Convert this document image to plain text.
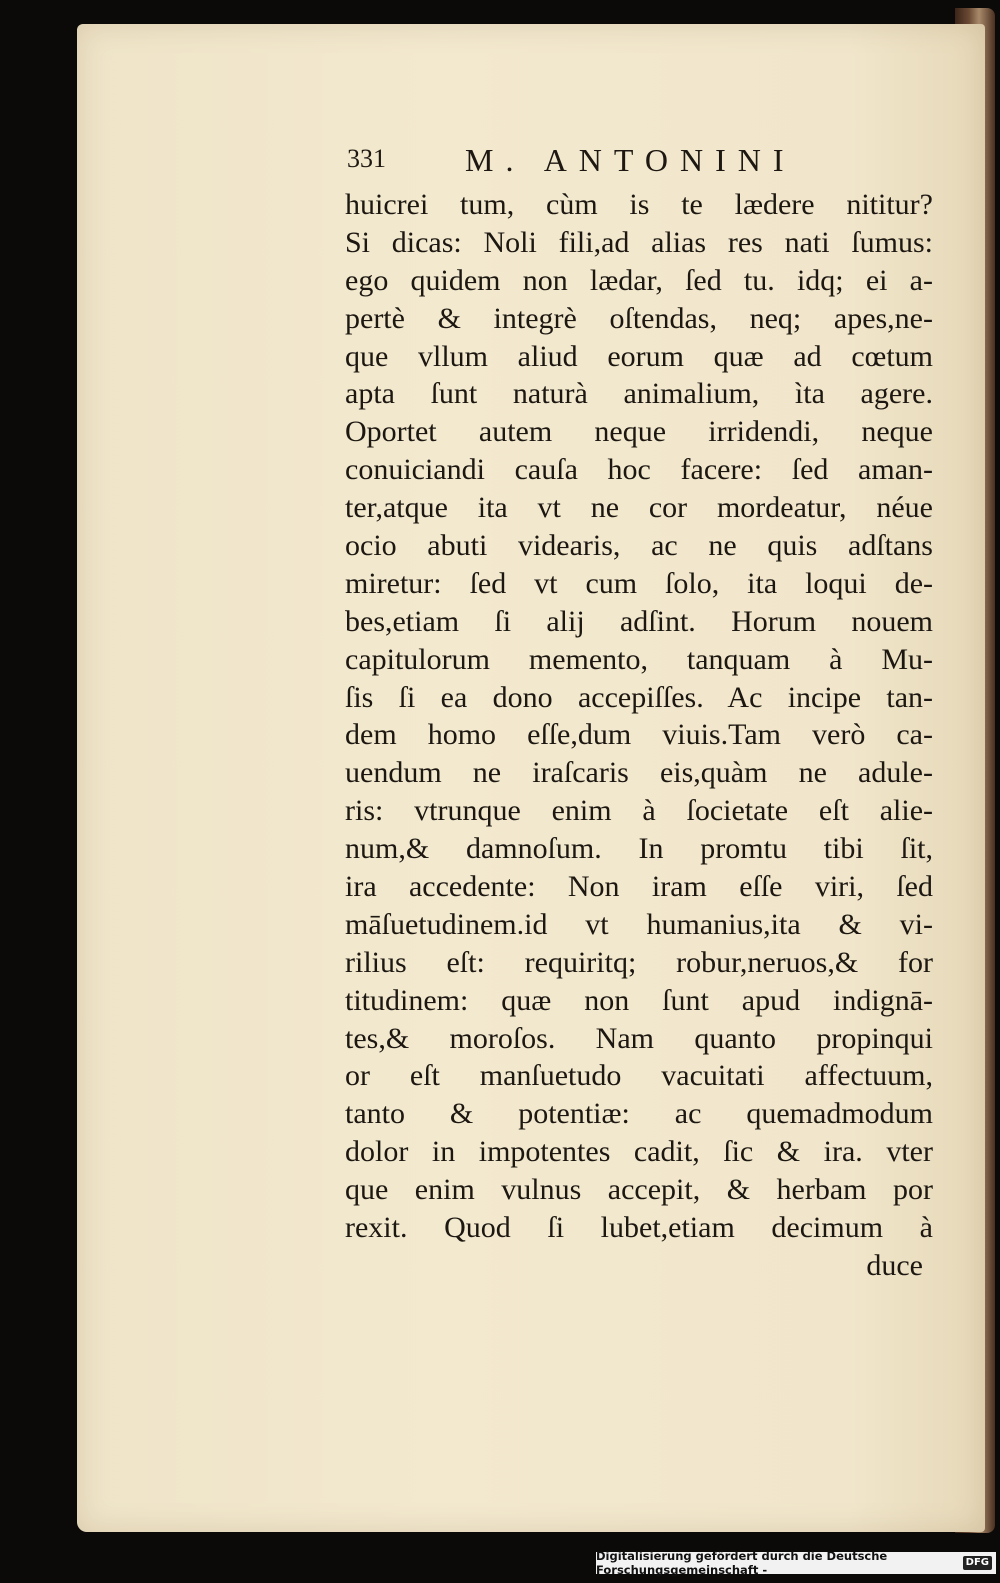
331 M. ANTONINI
huicrei tum, cùm is te lædere nititur?
Si dicas: Noli fili,ad alias res nati ſumus:
ego quidem non lædar, ſed tu. idq; ei a-
pertè & integrè oſtendas, neq; apes,ne-
que vllum aliud eorum quæ ad cœtum
apta ſunt naturà animalium, ìta agere.
Oportet autem neque irridendi, neque
conuiciandi cauſa hoc facere: ſed aman-
ter,atque ita vt ne cor mordeatur, néue
ocio abuti videaris, ac ne quis adſtans
miretur: ſed vt cum ſolo, ita loqui de-
bes,etiam ſi alij adſint. Horum nouem
capitulorum memento, tanquam à Mu-
ſis ſi ea dono accepiſſes. Ac incipe tan-
dem homo eſſe,dum viuis.Tam verò ca-
uendum ne iraſcaris eis,quàm ne adule-
ris: vtrunque enim à ſocietate eſt alie-
num,& damnoſum. In promtu tibi ſit,
ira accedente: Non iram eſſe viri, ſed
māſuetudinem.id vt humanius,ita & vi-
rilius eſt: requiritq; robur,neruos,& for
titudinem: quæ non ſunt apud indignā-
tes,& moroſos. Nam quanto propinqui
or eſt manſuetudo vacuitati affectuum,
tanto & potentiæ: ac quemadmodum
dolor in impotentes cadit, ſic & ira. vter
que enim vulnus accepit, & herbam por
rexit. Quod ſi lubet,etiam decimum à
duce
Digitalisierung gefördert durch die Deutsche Forschungsgemeinschaft -
DFG
